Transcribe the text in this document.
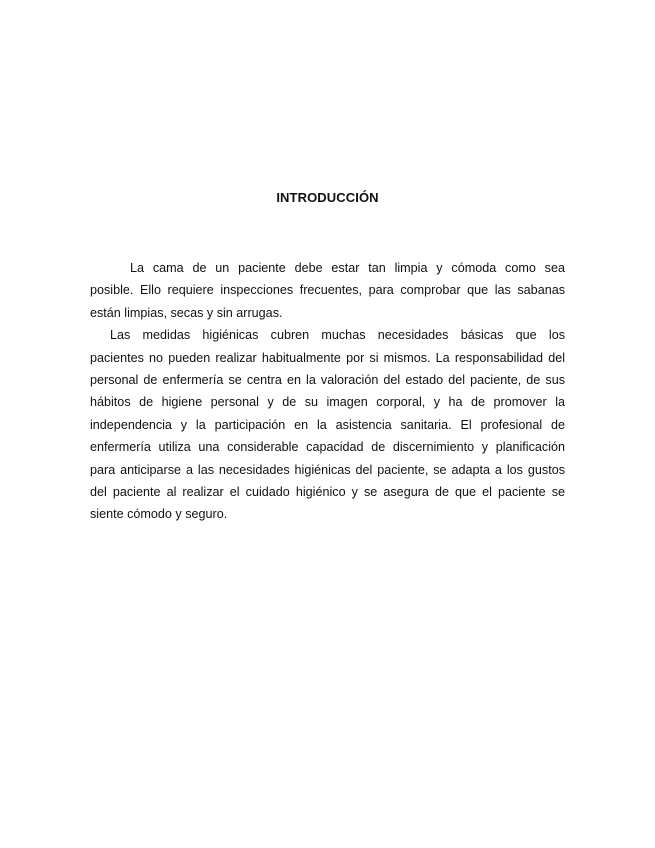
INTRODUCCIÓN
La cama de un paciente debe estar tan limpia y cómoda como sea
posible. Ello requiere inspecciones frecuentes, para comprobar que las sabanas
están limpias, secas y sin arrugas.
Las medidas higiénicas cubren muchas necesidades básicas que los
pacientes no pueden realizar habitualmente por si mismos. La responsabilidad del
personal de enfermería se centra en la valoración del estado del paciente, de sus
hábitos de higiene personal y de su imagen corporal, y ha de promover la
independencia y la participación en la asistencia sanitaria. El profesional de
enfermería utiliza una considerable capacidad de discernimiento y planificación
para anticiparse a las necesidades higiénicas del paciente, se adapta a los gustos
del paciente al realizar el cuidado higiénico y se asegura de que el paciente se
siente cómodo y seguro.
